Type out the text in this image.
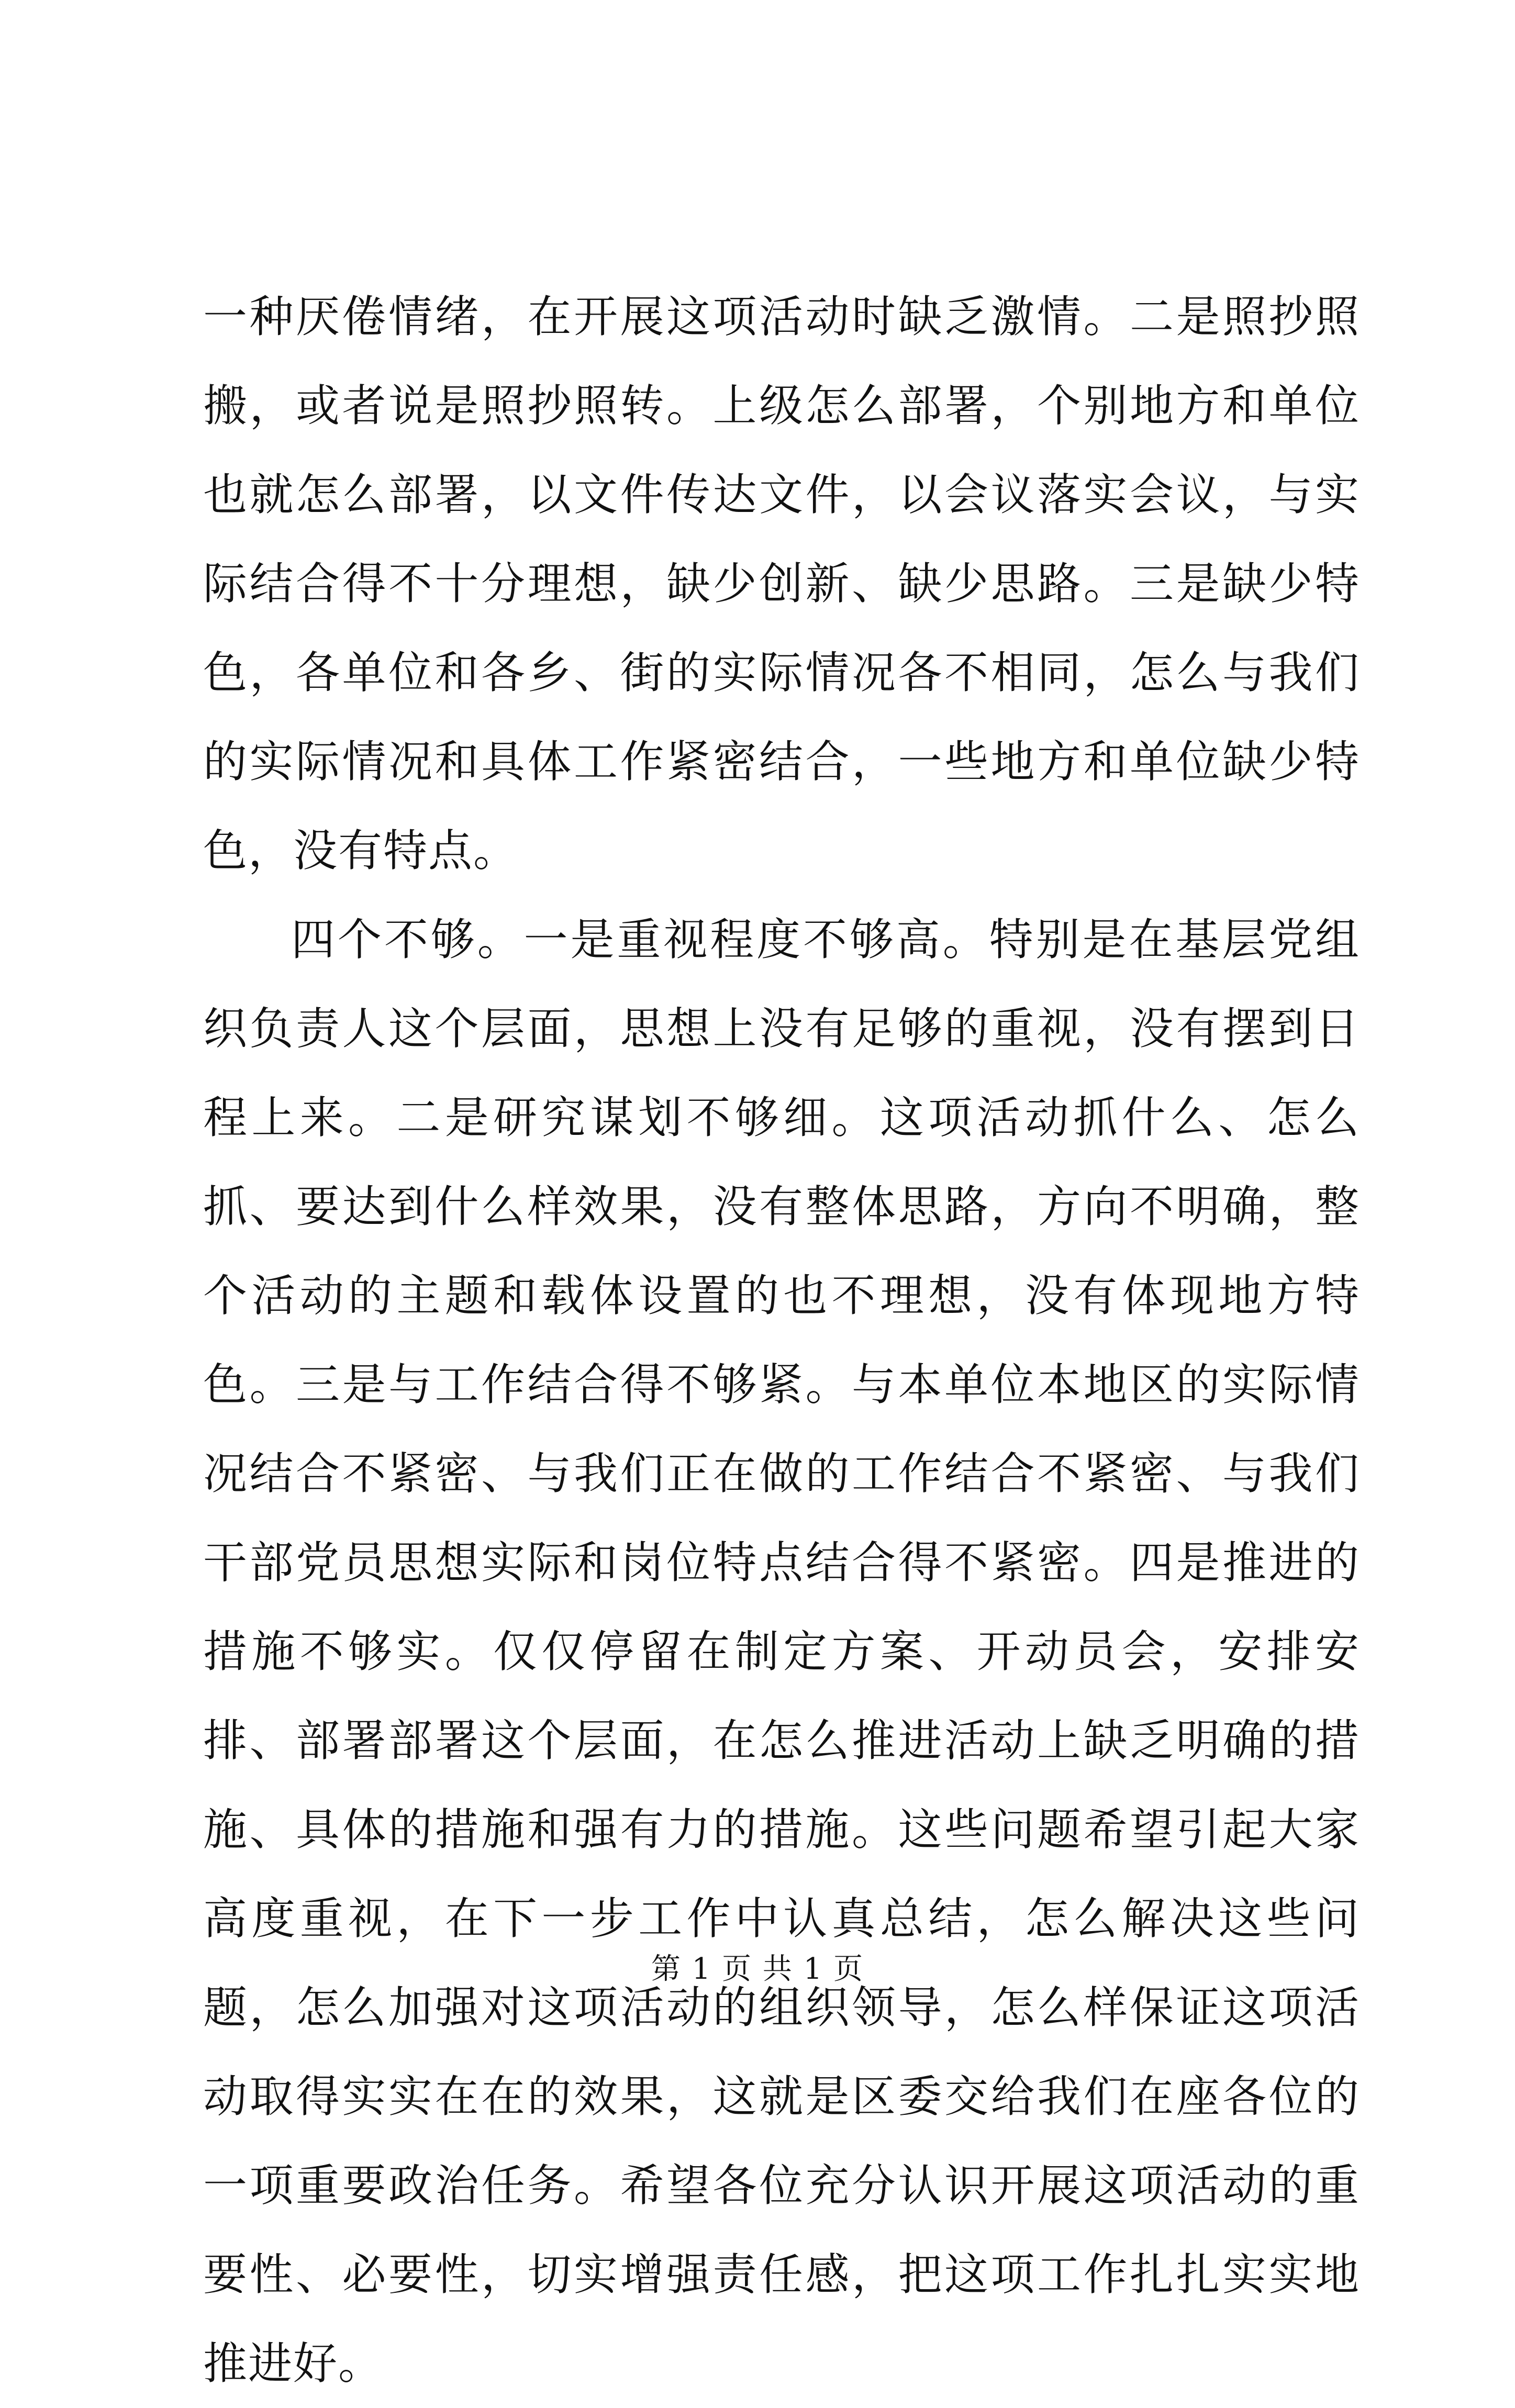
一种厌倦情绪，在开展这项活动时缺乏激情。二是照抄照搬，或者说是照抄照转。上级怎么部署，个别地方和单位也就怎么部署，以文件传达文件，以会议落实会议，与实际结合得不十分理想，缺少创新、缺少思路。三是缺少特色，各单位和各乡、街的实际情况各不相同，怎么与我们的实际情况和具体工作紧密结合，一些地方和单位缺少特色，没有特点。

四个不够。一是重视程度不够高。特别是在基层党组织负责人这个层面，思想上没有足够的重视，没有摆到日程上来。二是研究谋划不够细。这项活动抓什么、怎么抓、要达到什么样效果，没有整体思路，方向不明确，整个活动的主题和载体设置的也不理想，没有体现地方特色。三是与工作结合得不够紧。与本单位本地区的实际情况结合不紧密、与我们正在做的工作结合不紧密、与我们干部党员思想实际和岗位特点结合得不紧密。四是推进的措施不够实。仅仅停留在制定方案、开动员会，安排安排、部署部署这个层面，在怎么推进活动上缺乏明确的措施、具体的措施和强有力的措施。这些问题希望引起大家高度重视，在下一步工作中认真总结，怎么解决这些问题，怎么加强对这项活动的组织领导，怎么样保证这项活动取得实实在在的效果，这就是区委交给我们在座各位的一项重要政治任务。希望各位充分认识开展这项活动的重要性、必要性，切实增强责任感，把这项工作扎扎实实地推进好。

第 1 页 共 1 页
